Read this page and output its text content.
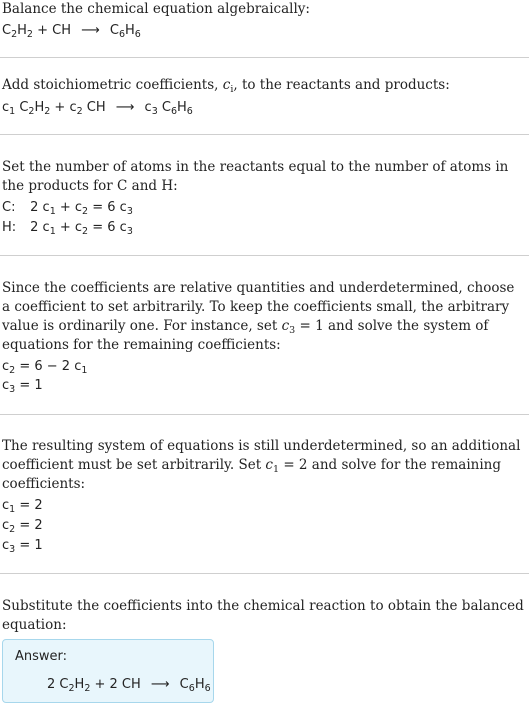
Balance the chemical equation algebraically:
$C_2H_2$ + CH ⟶ $C_6H_6$
Add stoichiometric coefficients, $c_i$, to the reactants and products:
$c_1$ $C_2H_2 + c_2$ CH ⟶ $c_3$ $C_6H_6$
Set the number of atoms in the reactants equal to the number of atoms in the products for C and H:
C: 2 $c_1 + c_2 = 6$ $c_3$
H: 2 $c_1 + c_2 = 6$ $c_3$
Since the coefficients are relative quantities and underdetermined, choose a coefficient to set arbitrarily. To keep the coefficients small, the arbitrary value is ordinarily one. For instance, set $c_3 = 1$ and solve the system of equations for the remaining coefficients:
$c_2 = 6 - 2$ $c_1$
$c_3 = 1$
The resulting system of equations is still underdetermined, so an additional coefficient must be set arbitrarily. Set $c_1 = 2$ and solve for the remaining coefficients:
$c_1 = 2$
$c_2 = 2$
$c_3 = 1$
Substitute the coefficients into the chemical reaction to obtain the balanced equation:
Answer:
2 $C_2H_2 + 2$ CH ⟶ $C_6H_6$
